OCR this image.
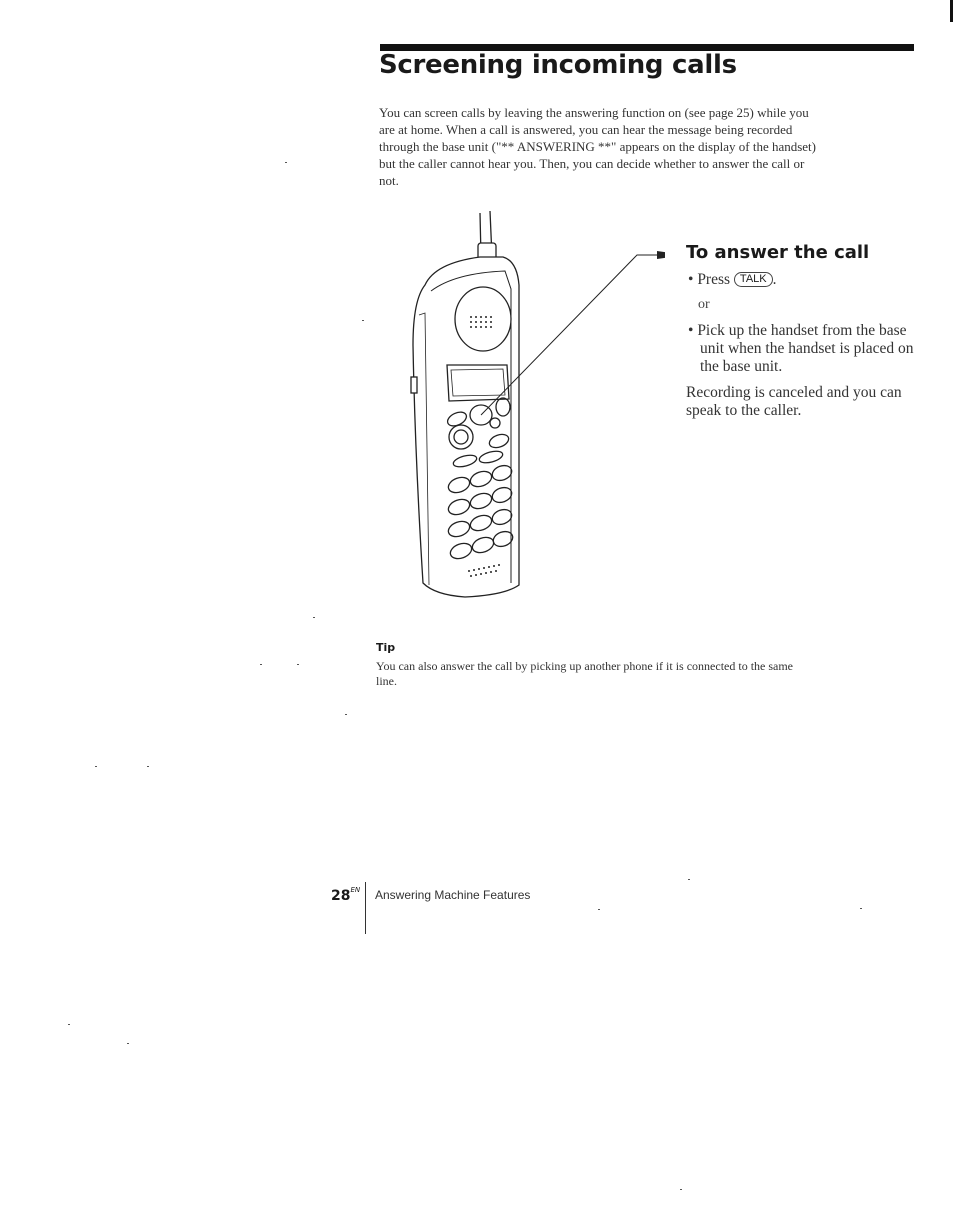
Screening incoming calls

You can screen calls by leaving the answering function on (see page 25) while you are at home. When a call is answered, you can hear the message being recorded through the base unit ("** ANSWERING **" appears on the display of the handset) but the caller cannot hear you. Then, you can decide whether to answer the call or not.

To answer the call

• Press TALK .

or

• Pick up the handset from the base unit when the handset is placed on the base unit.

Recording is canceled and you can speak to the caller.

Tip

You can also answer the call by picking up another phone if it is connected to the same line.

$28^{EN}$ Answering Machine Features
